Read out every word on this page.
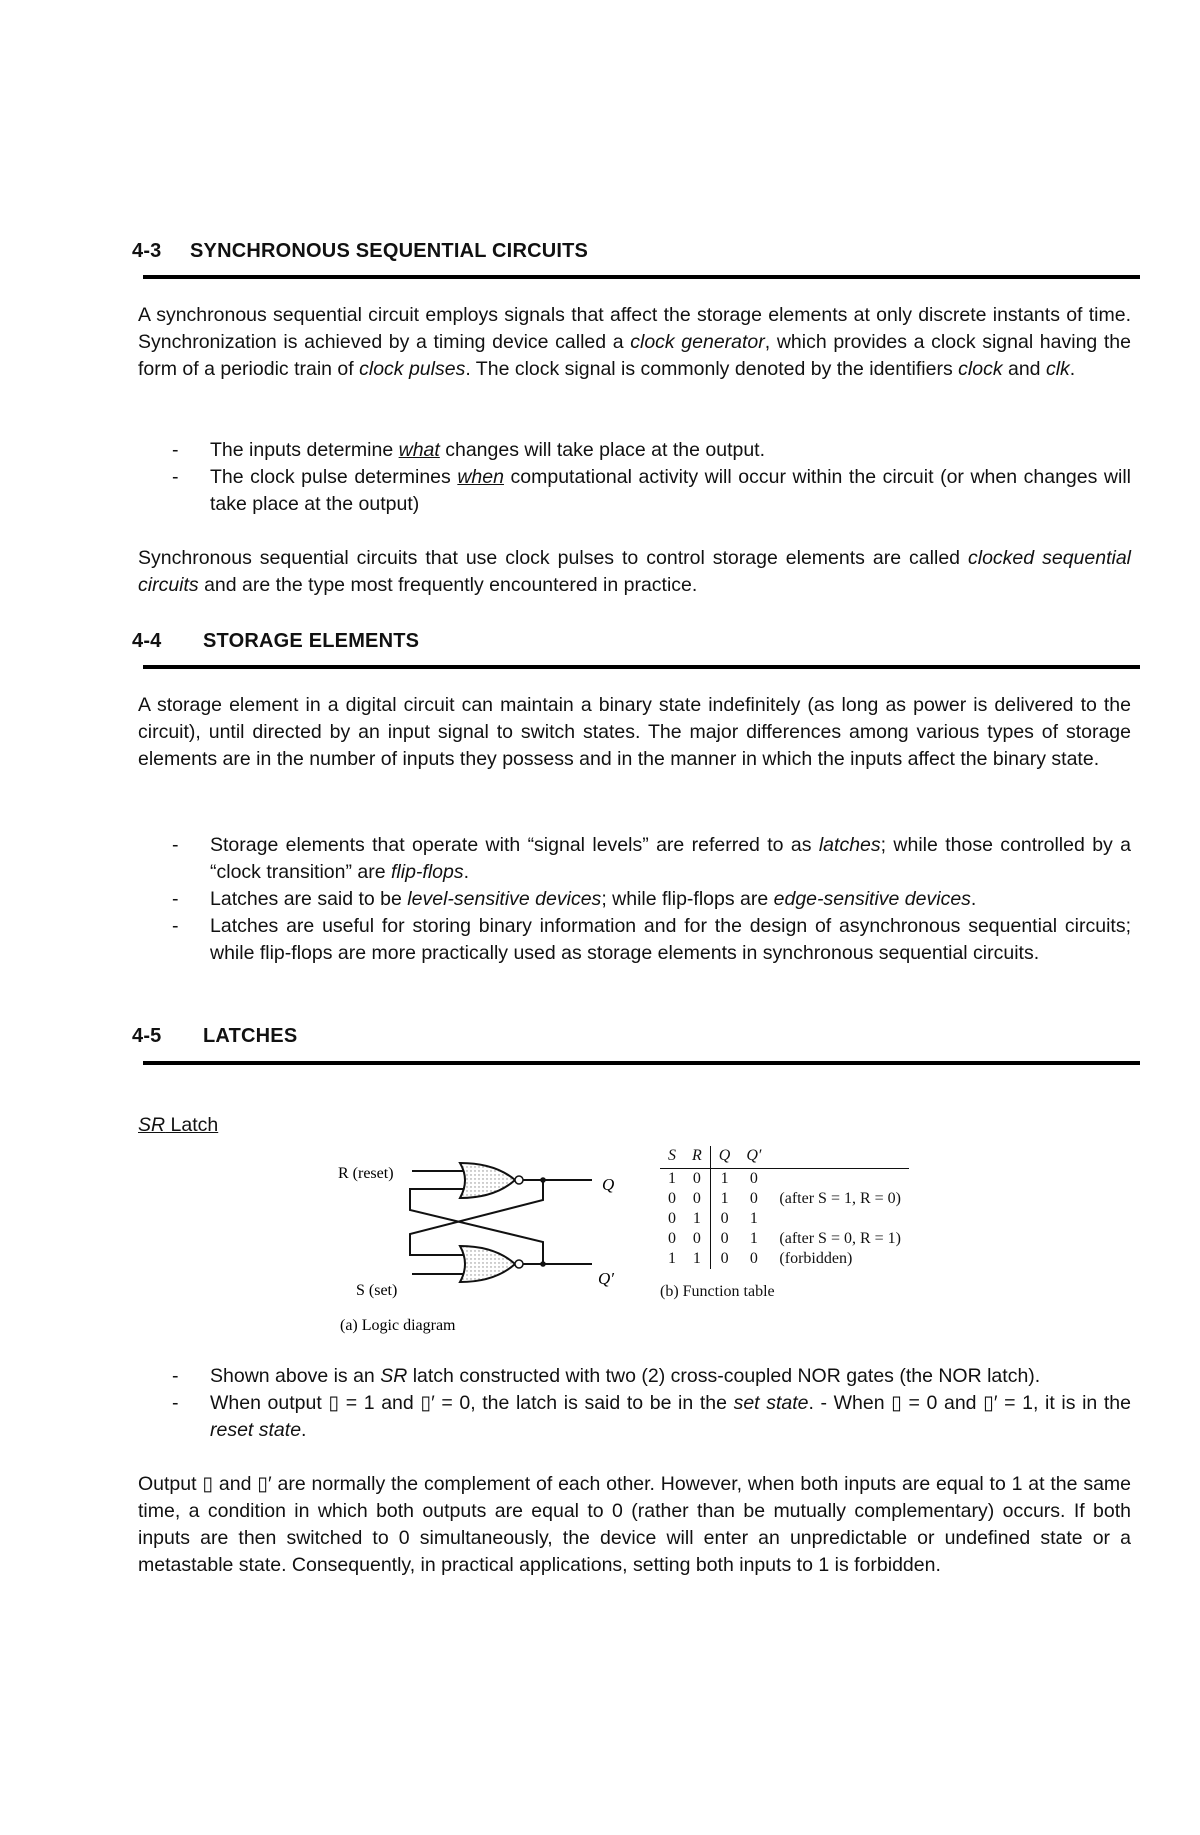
4-3 SYNCHRONOUS SEQUENTIAL CIRCUITS
A synchronous sequential circuit employs signals that affect the storage elements at only discrete instants of time. Synchronization is achieved by a timing device called a clock generator, which provides a clock signal having the form of a periodic train of clock pulses. The clock signal is commonly denoted by the identifiers clock and clk.
- The inputs determine what changes will take place at the output.
- The clock pulse determines when computational activity will occur within the circuit (or when changes will take place at the output)
Synchronous sequential circuits that use clock pulses to control storage elements are called clocked sequential circuits and are the type most frequently encountered in practice.
4-4 STORAGE ELEMENTS
A storage element in a digital circuit can maintain a binary state indefinitely (as long as power is delivered to the circuit), until directed by an input signal to switch states. The major differences among various types of storage elements are in the number of inputs they possess and in the manner in which the inputs affect the binary state.
- Storage elements that operate with “signal levels” are referred to as latches; while those controlled by a “clock transition” are flip-flops.
- Latches are said to be level-sensitive devices; while flip-flops are edge-sensitive devices.
- Latches are useful for storing binary information and for the design of asynchronous sequential circuits; while flip-flops are more practically used as storage elements in synchronous sequential circuits.
4-5 LATCHES
SR Latch
R (reset)
S (set)
Q
Q′
(a) Logic diagram
S	R	Q	Q′	
1	0	1	0	
0	0	1	0	(after S = 1, R = 0)
0	1	0	1	
0	0	0	1	(after S = 0, R = 1)
1	1	0	0	(forbidden)
(b) Function table
- Shown above is an SR latch constructed with two (2) cross-coupled NOR gates (the NOR latch).
- When output ▯ = 1 and ▯′ = 0, the latch is said to be in the set state. - When ▯ = 0 and ▯′ = 1, it is in the reset state.
Output ▯ and ▯′ are normally the complement of each other. However, when both inputs are equal to 1 at the same time, a condition in which both outputs are equal to 0 (rather than be mutually complementary) occurs. If both inputs are then switched to 0 simultaneously, the device will enter an unpredictable or undefined state or a metastable state. Consequently, in practical applications, setting both inputs to 1 is forbidden.
